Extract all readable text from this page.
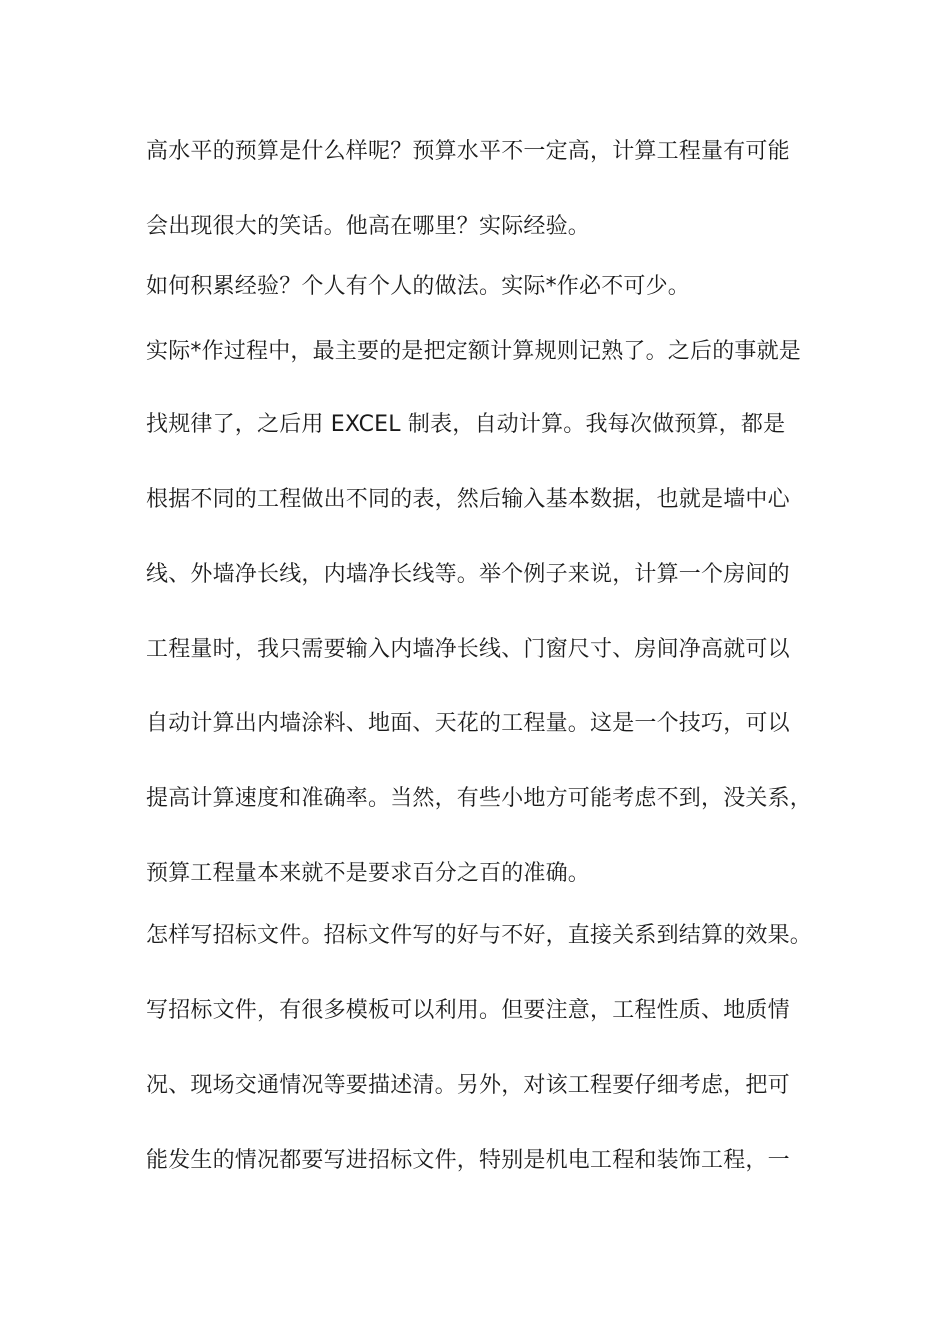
高水平的预算是什么样呢？预算水平不一定高，计算工程量有可能
会出现很大的笑话。他高在哪里？实际经验。
如何积累经验？个人有个人的做法。实际*作必不可少。
实际*作过程中，最主要的是把定额计算规则记熟了。之后的事就是
找规律了，之后用 EXCEL 制表，自动计算。我每次做预算，都是
根据不同的工程做出不同的表，然后输入基本数据，也就是墙中心
线、外墙净长线，内墙净长线等。举个例子来说，计算一个房间的
工程量时，我只需要输入内墙净长线、门窗尺寸、房间净高就可以
自动计算出内墙涂料、地面、天花的工程量。这是一个技巧，可以
提高计算速度和准确率。当然，有些小地方可能考虑不到，没关系，
预算工程量本来就不是要求百分之百的准确。
怎样写招标文件。招标文件写的好与不好，直接关系到结算的效果。
写招标文件，有很多模板可以利用。但要注意，工程性质、地质情
况、现场交通情况等要描述清。另外，对该工程要仔细考虑，把可
能发生的情况都要写进招标文件，特别是机电工程和装饰工程，一
